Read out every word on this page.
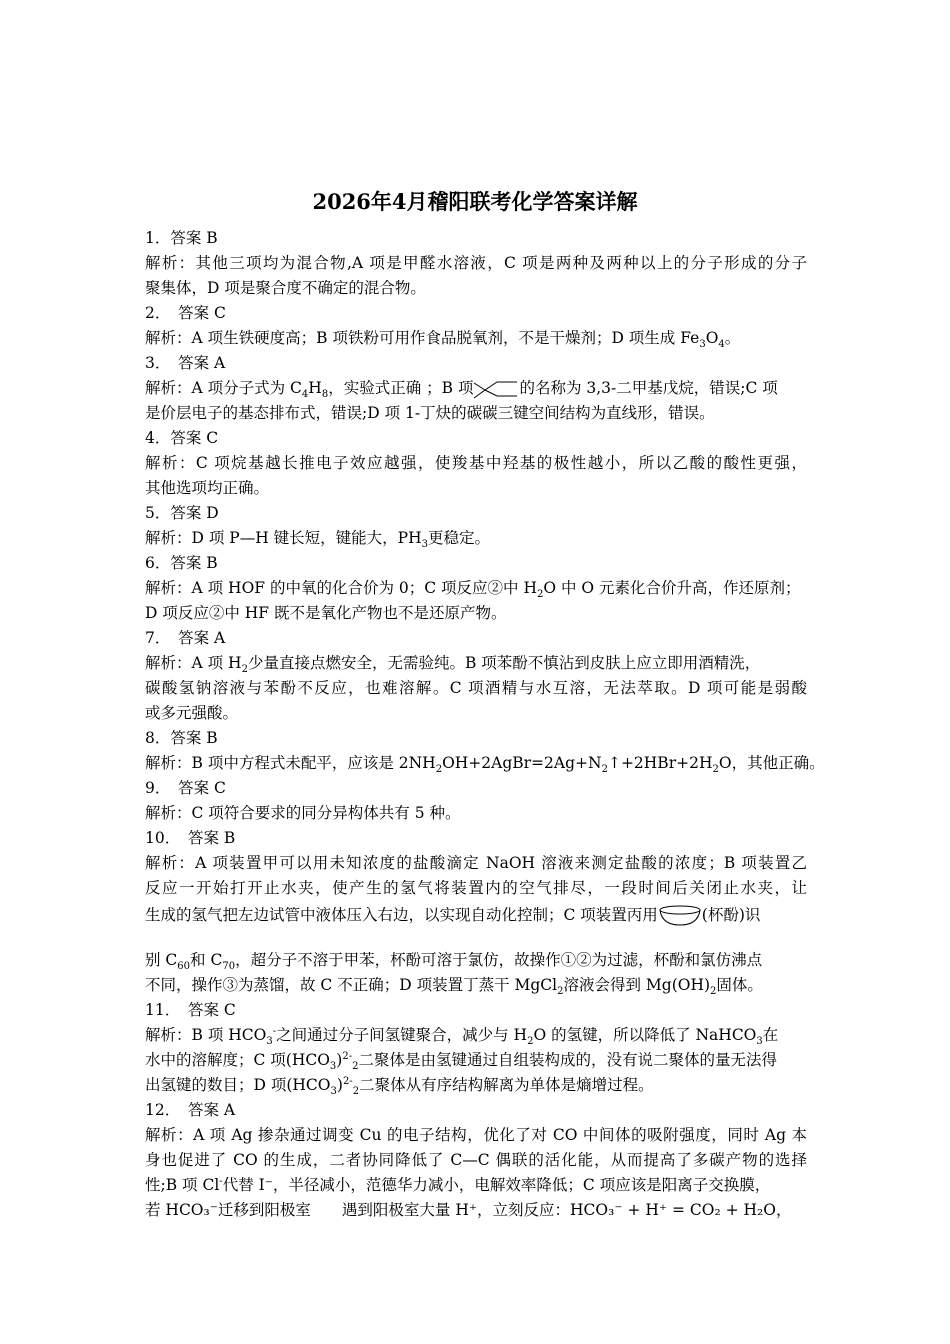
2026年4月稽阳联考化学答案详解
1．答案 B
解析：其他三项均为混合物,A 项是甲醛水溶液，C 项是两种及两种以上的分子形成的分子
聚集体，D 项是聚合度不确定的混合物。
2．　答案 C
解析：A 项生铁硬度高；B 项铁粉可用作食品脱氧剂，不是干燥剂；D 项生成 $Fe_3O_4$。
3．　答案 A
解析：A 项分子式为 $C_4H_8$，实验式正确 ；B 项	的名称为 3,3-二甲基戊烷，错误;C 项
是价层电子的基态排布式，错误;D 项 1-丁炔的碳碳三键空间结构为直线形，错误。
4．答案 C
解析：C 项烷基越长推电子效应越强，使羧基中羟基的极性越小，所以乙酸的酸性更强，
其他选项均正确。
5．答案 D
解析：D 项 P—H 键长短，键能大，$PH_3$更稳定。
6．答案 B
解析：A 项 HOF 的中氧的化合价为 0；C 项反应②中 $H_2O$ 中 O 元素化合价升高，作还原剂；
D 项反应②中 HF 既不是氧化产物也不是还原产物。
7．　答案 A
解析：A 项 $H_2$少量直接点燃安全，无需验纯。B 项苯酚不慎沾到皮肤上应立即用酒精洗，
碳酸氢钠溶液与苯酚不反应，也难溶解。C 项酒精与水互溶，无法萃取。D 项可能是弱酸
或多元强酸。
8．答案 B
解析：B 项中方程式未配平，应该是 $2NH_2OH+2AgBr=2Ag+N_2↑+2HBr+2H_2O$，其他正确。
9．　答案 C
解析：C 项符合要求的同分异构体共有 5 种。
10．　答案 B
解析：A 项装置甲可以用未知浓度的盐酸滴定 NaOH 溶液来测定盐酸的浓度；B 项装置乙
反应一开始打开止水夹，使产生的氢气将装置内的空气排尽，一段时间后关闭止水夹，让
生成的氢气把左边试管中液体压入右边，以实现自动化控制；C 项装置丙用	(杯酚)识
别 $C_{60}$和 $C_{70}$，超分子不溶于甲苯，杯酚可溶于氯仿，故操作①②为过滤，杯酚和氯仿沸点
不同，操作③为蒸馏，故 C 不正确；D 项装置丁蒸干 MgCl$_2$溶液会得到 $Mg(OH)_2$固体。
11．　答案 C
解析：B 项 $HCO_3^-$之间通过分子间氢键聚合，减少与 $H_2O$ 的氢键，所以降低了 NaHCO$_3$在
水中的溶解度；C 项$(HCO_3)^{2-}_2$二聚体是由氢键通过自组装构成的，没有说二聚体的量无法得
出氢键的数目；D 项$(HCO_3)^{2-}_2$二聚体从有序结构解离为单体是熵增过程。
12．　答案 A
解析：A 项 Ag 掺杂通过调变 Cu 的电子结构，优化了对 CO 中间体的吸附强度，同时 Ag 本
身也促进了 CO 的生成，二者协同降低了 C—C 偶联的活化能，从而提高了多碳产物的选择
性;B 项 Cl-代替 I⁻，半径减小，范德华力减小，电解效率降低；C 项应该是阳离子交换膜，
若 HCO₃⁻迁移到阳极室　　遇到阳极室大量 H⁺，立刻反应：HCO₃⁻ + H⁺ = CO₂ + H₂O，
